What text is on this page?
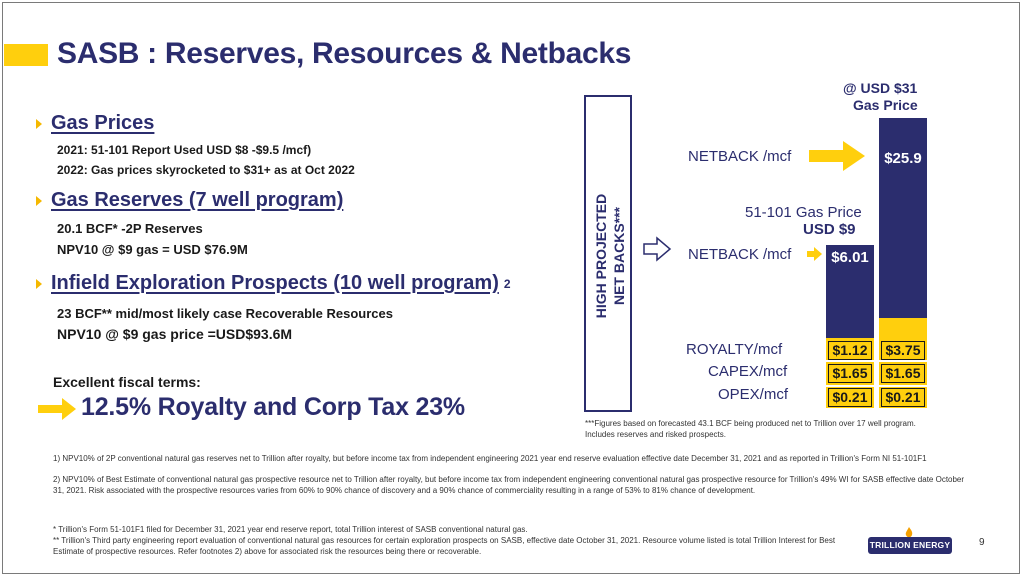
SASB : Reserves, Resources & Netbacks
Gas Prices
2021: 51-101 Report Used USD $8 -$9.5 /mcf)
2022: Gas prices skyrocketed to $31+ as at Oct 2022
Gas Reserves (7 well program)
20.1 BCF* -2P Reserves
NPV10 @ $9 gas = USD $76.9M
Infield Exploration Prospects (10 well program) 2
23 BCF** mid/most likely case Recoverable Resources
NPV10 @ $9 gas price =USD$93.6M
Excellent fiscal terms:
12.5% Royalty and Corp Tax 23%
HIGH PROJECTED NET BACKS***
@ USD $31
Gas Price
51-101 Gas Price
USD $9
NETBACK /mcf
NETBACK /mcf
ROYALTY/mcf
CAPEX/mcf
OPEX/mcf
$6.01
$1.12
$1.65
$0.21
$25.9
$3.75
$1.65
$0.21
***Figures based on forecasted 43.1 BCF being produced net to Trillion over 17 well program. Includes reserves and risked prospects.
1) NPV10% of 2P conventional natural gas reserves net to Trillion after royalty, but before income tax from independent engineering 2021 year end reserve evaluation effective date December 31, 2021 and as reported in Trillion's Form NI 51-101F1
2) NPV10% of Best Estimate of conventional natural gas prospective resource net to Trillion after royalty, but before income tax from independent engineering conventional natural gas prospective resource for Trillion's 49% WI for SASB effective date October 31, 2021. Risk associated with the prospective resources varies from 60% to 90% chance of discovery and a 90% chance of commerciality resulting in a range of 53% to 81% chance of development.
* Trillion's Form 51-101F1 filed for December 31, 2021 year end reserve report, total Trillion interest of SASB conventional natural gas.
** Trillion's Third party engineering report evaluation of conventional natural gas resources for certain exploration prospects on SASB, effective date October 31, 2021. Resource volume listed is total Trillion Interest for Best Estimate of prospective resources. Refer footnotes 2) above for associated risk the resources being there or recoverable.
TRILLION ENERGY	9
